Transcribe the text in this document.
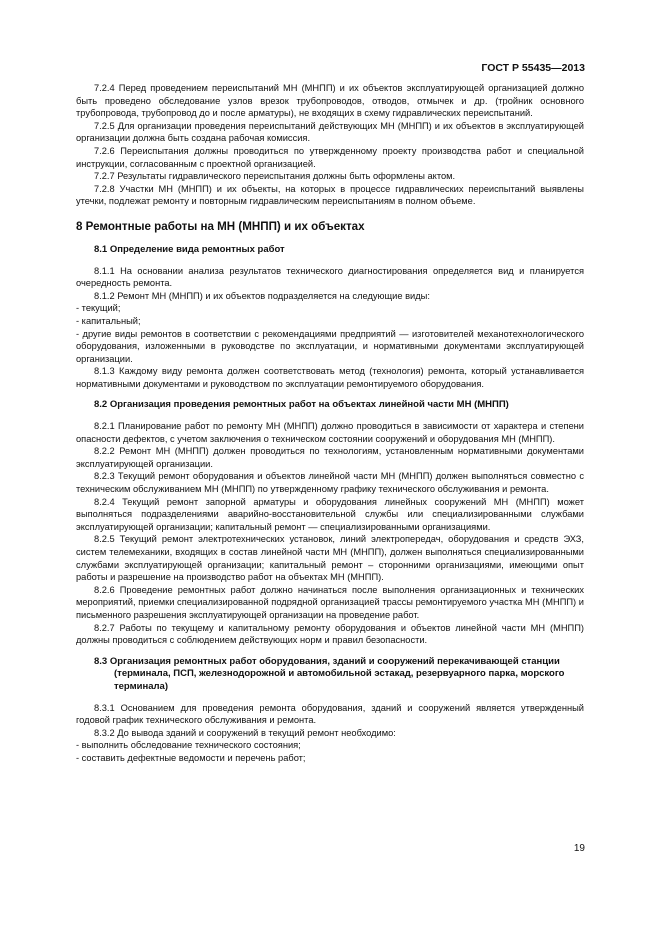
ГОСТ Р 55435—2013

7.2.4 Перед проведением переиспытаний МН (МНПП) и их объектов эксплуатирующей организацией должно быть проведено обследование узлов врезок трубопроводов, отводов, отмычек и др. (тройник основного трубопровода, трубопровод до и после арматуры), не входящих в схему гидравлических переиспытаний.

7.2.5 Для организации проведения переиспытаний действующих МН (МНПП) и их объектов в эксплуатирующей организации должна быть создана рабочая комиссия.

7.2.6 Переиспытания должны проводиться по утвержденному проекту производства работ и специальной инструкции, согласованным с проектной организацией.

7.2.7 Результаты гидравлического переиспытания должны быть оформлены актом.

7.2.8 Участки МН (МНПП) и их объекты, на которых в процессе гидравлических переиспытаний выявлены утечки, подлежат ремонту и повторным гидравлическим переиспытаниям в полном объеме.

8 Ремонтные работы на МН (МНПП) и их объектах
8.1 Определение вида ремонтных работ

8.1.1 На основании анализа результатов технического диагностирования определяется вид и планируется очередность ремонта.

8.1.2 Ремонт МН (МНПП) и их объектов подразделяется на следующие виды:

- текущий;

- капитальный;

- другие виды ремонтов в соответствии с рекомендациями предприятий — изготовителей механотехнологического оборудования, изложенными в руководстве по эксплуатации, и нормативными документами эксплуатирующей организации.

8.1.3 Каждому виду ремонта должен соответствовать метод (технология) ремонта, который устанавливается нормативными документами и руководством по эксплуатации ремонтируемого оборудования.

8.2 Организация проведения ремонтных работ на объектах линейной части МН (МНПП)

8.2.1 Планирование работ по ремонту МН (МНПП) должно проводиться в зависимости от характера и степени опасности дефектов, с учетом заключения о техническом состоянии сооружений и оборудования МН (МНПП).

8.2.2 Ремонт МН (МНПП) должен проводиться по технологиям, установленным нормативными документами эксплуатирующей организации.

8.2.3 Текущий ремонт оборудования и объектов линейной части МН (МНПП) должен выполняться совместно с техническим обслуживанием МН (МНПП) по утвержденному графику технического обслуживания и ремонта.

8.2.4 Текущий ремонт запорной арматуры и оборудования линейных сооружений МН (МНПП) может выполняться подразделениями аварийно-восстановительной службы или специализированными службами эксплуатирующей организации; капитальный ремонт — специализированными организациями.

8.2.5 Текущий ремонт электротехнических установок, линий электропередач, оборудования и средств ЭХЗ, систем телемеханики, входящих в состав линейной части МН (МНПП), должен выполняться специализированными службами эксплуатирующей организации; капитальный ремонт – сторонними организациями, имеющими опыт работы и разрешение на производство работ на объектах МН (МНПП).

8.2.6 Проведение ремонтных работ должно начинаться после выполнения организационных и технических мероприятий, приемки специализированной подрядной организацией трассы ремонтируемого участка МН (МНПП) и письменного разрешения эксплуатирующей организации на проведение работ.

8.2.7 Работы по текущему и капитальному ремонту оборудования и объектов линейной части МН (МНПП) должны проводиться с соблюдением действующих норм и правил безопасности.

8.3 Организация ремонтных работ оборудования, зданий и сооружений перекачивающей станции (терминала, ПСП, железнодорожной и автомобильной эстакад, резервуарного парка, морского терминала)

8.3.1 Основанием для проведения ремонта оборудования, зданий и сооружений является утвержденный годовой график технического обслуживания и ремонта.

8.3.2 До вывода зданий и сооружений в текущий ремонт необходимо:

- выполнить обследование технического состояния;

- составить дефектные ведомости и перечень работ;

19
